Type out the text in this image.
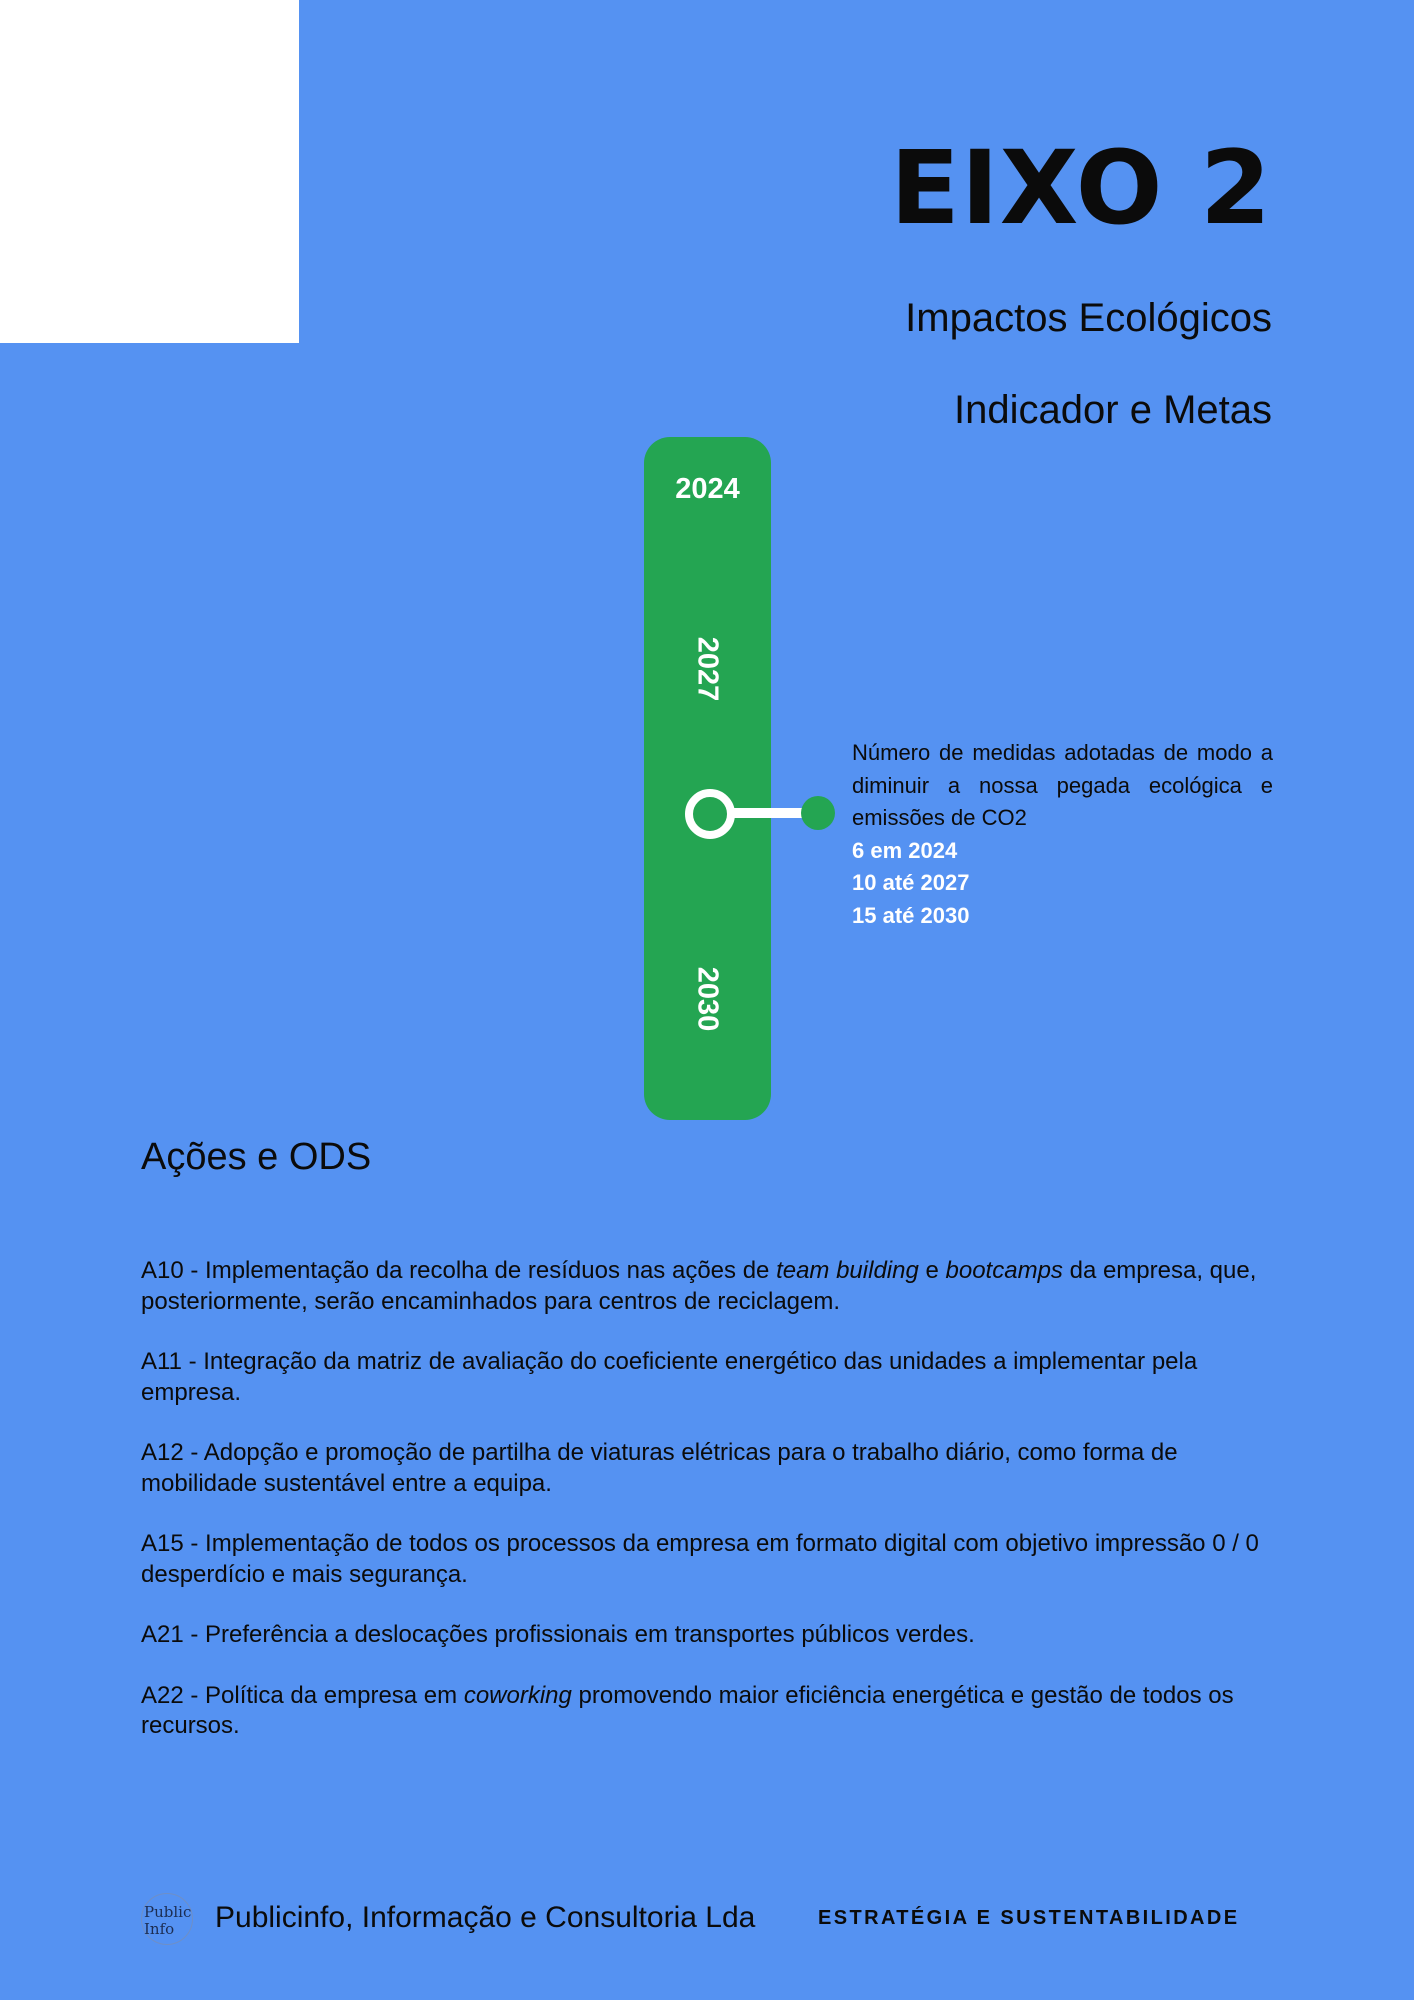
EIXO 2
Impactos Ecológicos
Indicador e Metas
2024
2027
2030

Número de medidas adotadas de modo a diminuir a nossa pegada ecológica e emissões de CO2

6 em 2024

10 até 2027

15 até 2030

Ações e ODS

A10 - Implementação da recolha de resíduos nas ações de team building e bootcamps da empresa, que, posteriormente, serão encaminhados para centros de reciclagem.

A11 - Integração da matriz de avaliação do coeficiente energético das unidades a implementar pela empresa.

A12 - Adopção e promoção de partilha de viaturas elétricas para o trabalho diário, como forma de mobilidade sustentável entre a equipa.

A15 - Implementação de todos os processos da empresa em formato digital com objetivo impressão 0 / 0 desperdício e mais segurança.

A21 - Preferência a deslocações profissionais em transportes públicos verdes.

A22 - Política da empresa em coworking promovendo maior eficiência energética e gestão de todos os recursos.

Public
Info	Publicinfo, Informação e Consultoria Lda	ESTRATÉGIA E SUSTENTABILIDADE
